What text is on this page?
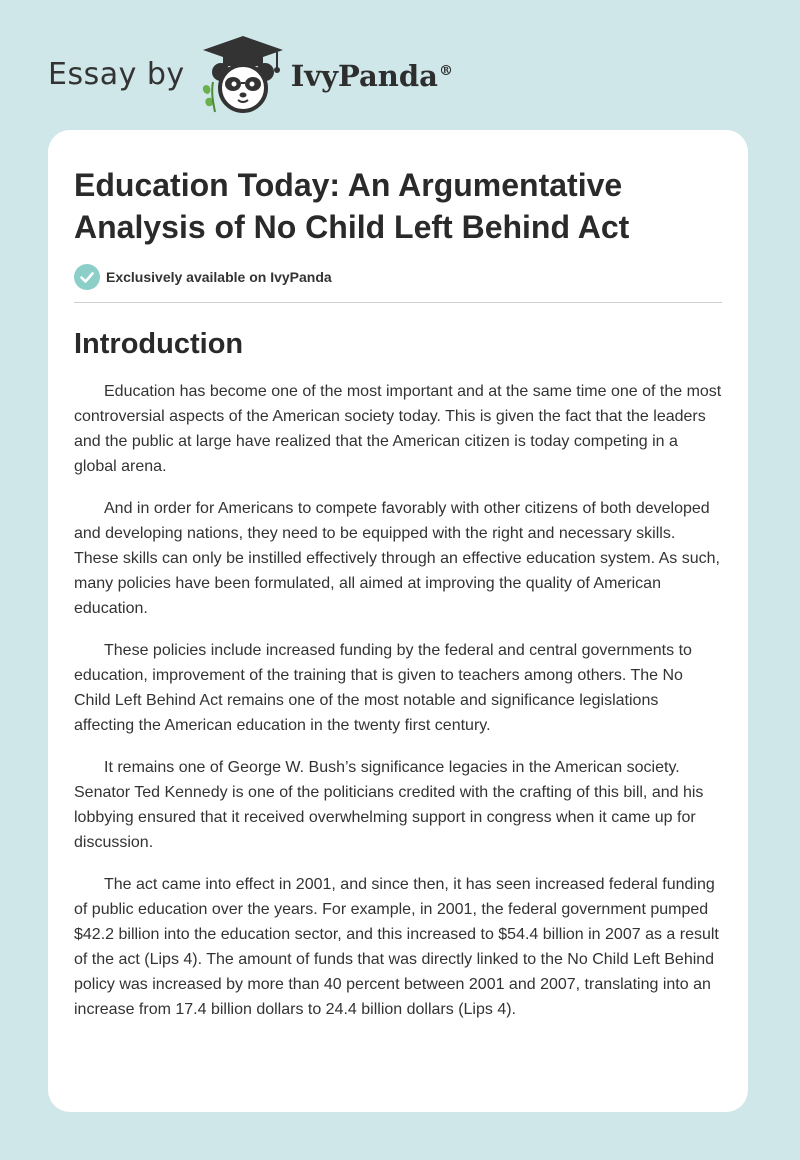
Essay by	IvyPanda®
Education Today: An Argumentative Analysis of No Child Left Behind Act
Exclusively available on IvyPanda
Introduction

Education has become one of the most important and at the same time one of the most controversial aspects of the American society today. This is given the fact that the leaders and the public at large have realized that the American citizen is today competing in a global arena.

And in order for Americans to compete favorably with other citizens of both developed and developing nations, they need to be equipped with the right and necessary skills. These skills can only be instilled effectively through an effective education system. As such, many policies have been formulated, all aimed at improving the quality of American education.

These policies include increased funding by the federal and central governments to education, improvement of the training that is given to teachers among others. The No Child Left Behind Act remains one of the most notable and significance legislations affecting the American education in the twenty first century.

It remains one of George W. Bush’s significance legacies in the American society. Senator Ted Kennedy is one of the politicians credited with the crafting of this bill, and his lobbying ensured that it received overwhelming support in congress when it came up for discussion.

The act came into effect in 2001, and since then, it has seen increased federal funding of public education over the years. For example, in 2001, the federal government pumped $42.2 billion into the education sector, and this increased to $54.4 billion in 2007 as a result of the act (Lips 4). The amount of funds that was directly linked to the No Child Left Behind policy was increased by more than 40 percent between 2001 and 2007, translating into an increase from 17.4 billion dollars to 24.4 billion dollars (Lips 4).
